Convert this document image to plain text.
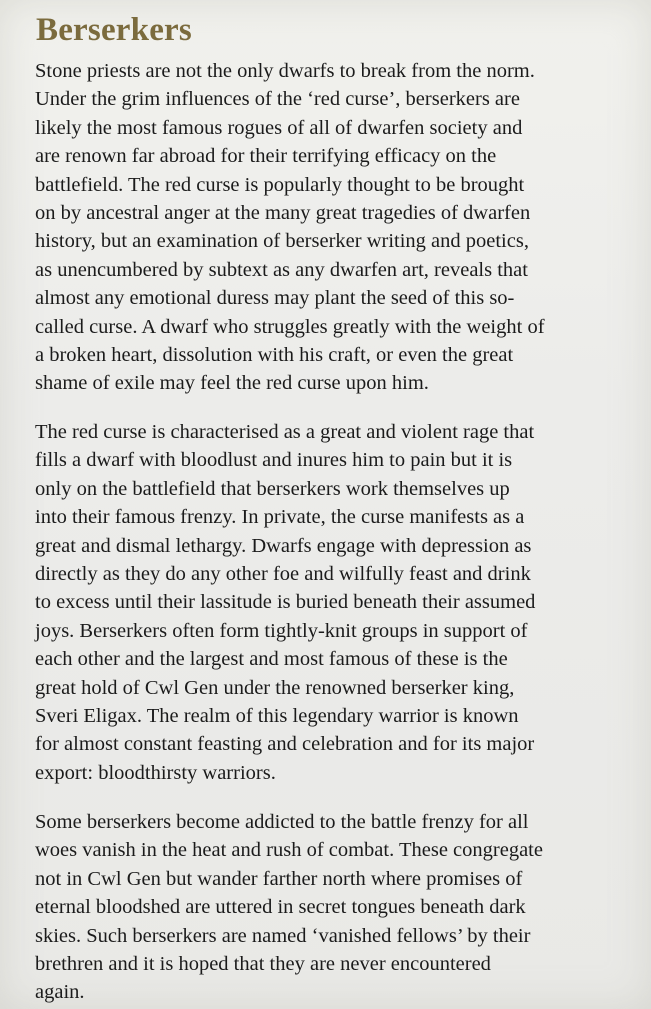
Berserkers

Stone priests are not the only dwarfs to break from the norm.
Under the grim influences of the ‘red curse’, berserkers are
likely the most famous rogues of all of dwarfen society and
are renown far abroad for their terrifying efficacy on the
battlefield. The red curse is popularly thought to be brought
on by ancestral anger at the many great tragedies of dwarfen
history, but an examination of berserker writing and poetics,
as unencumbered by subtext as any dwarfen art, reveals that
almost any emotional duress may plant the seed of this so-
called curse. A dwarf who struggles greatly with the weight of
a broken heart, dissolution with his craft, or even the great
shame of exile may feel the red curse upon him.

The red curse is characterised as a great and violent rage that
fills a dwarf with bloodlust and inures him to pain but it is
only on the battlefield that berserkers work themselves up
into their famous frenzy. In private, the curse manifests as a
great and dismal lethargy. Dwarfs engage with depression as
directly as they do any other foe and wilfully feast and drink
to excess until their lassitude is buried beneath their assumed
joys. Berserkers often form tightly-knit groups in support of
each other and the largest and most famous of these is the
great hold of Cwl Gen under the renowned berserker king,
Sveri Eligax. The realm of this legendary warrior is known
for almost constant feasting and celebration and for its major
export: bloodthirsty warriors.

Some berserkers become addicted to the battle frenzy for all
woes vanish in the heat and rush of combat. These congregate
not in Cwl Gen but wander farther north where promises of
eternal bloodshed are uttered in secret tongues beneath dark
skies. Such berserkers are named ‘vanished fellows’ by their
brethren and it is hoped that they are never encountered
again.
